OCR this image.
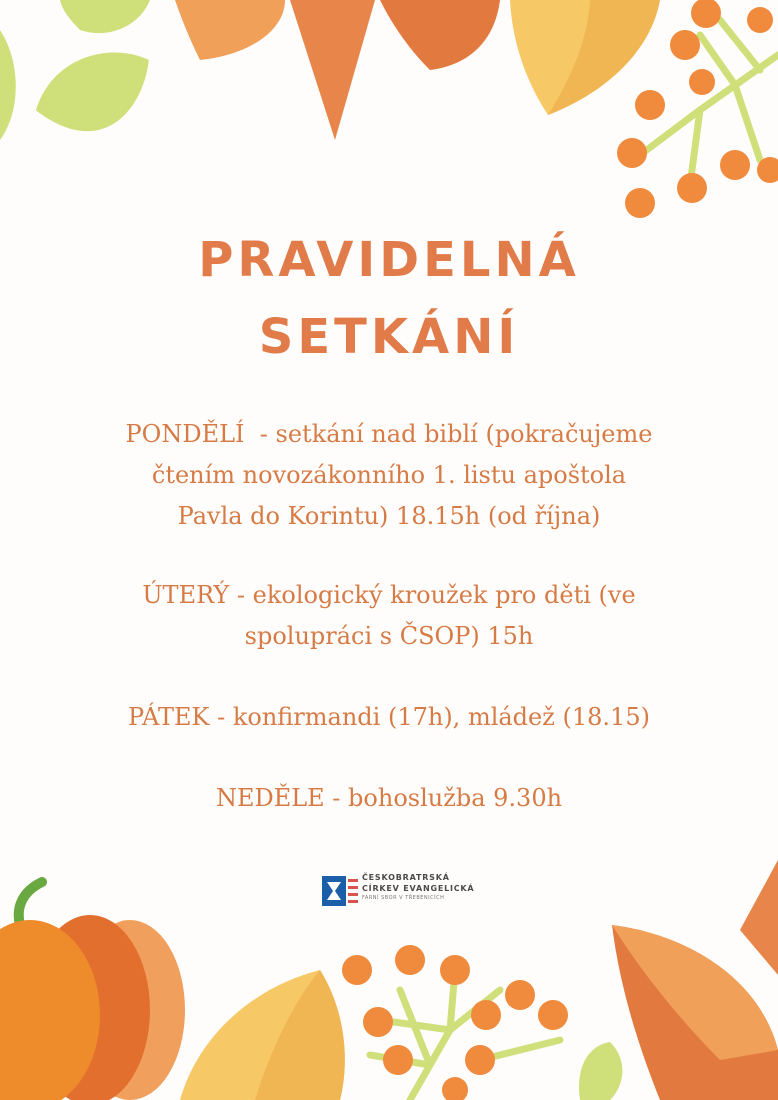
PRAVIDELNÁ
SETKÁNÍ
PONDĚLÍ  - setkání nad biblí (pokračujeme
čtením novozákonního 1. listu apoštola
Pavla do Korintu) 18.15h (od října)
ÚTERÝ - ekologický kroužek pro děti (ve
spolupráci s ČSOP) 15h
PÁTEK - konfirmandi (17h), mládež (18.15)
NEDĚLE - bohoslužba 9.30h
ČESKOBRATRSKÁ
CÍRKEV EVANGELICKÁ
FARNÍ SBOR V TŘEBENICÍCH
